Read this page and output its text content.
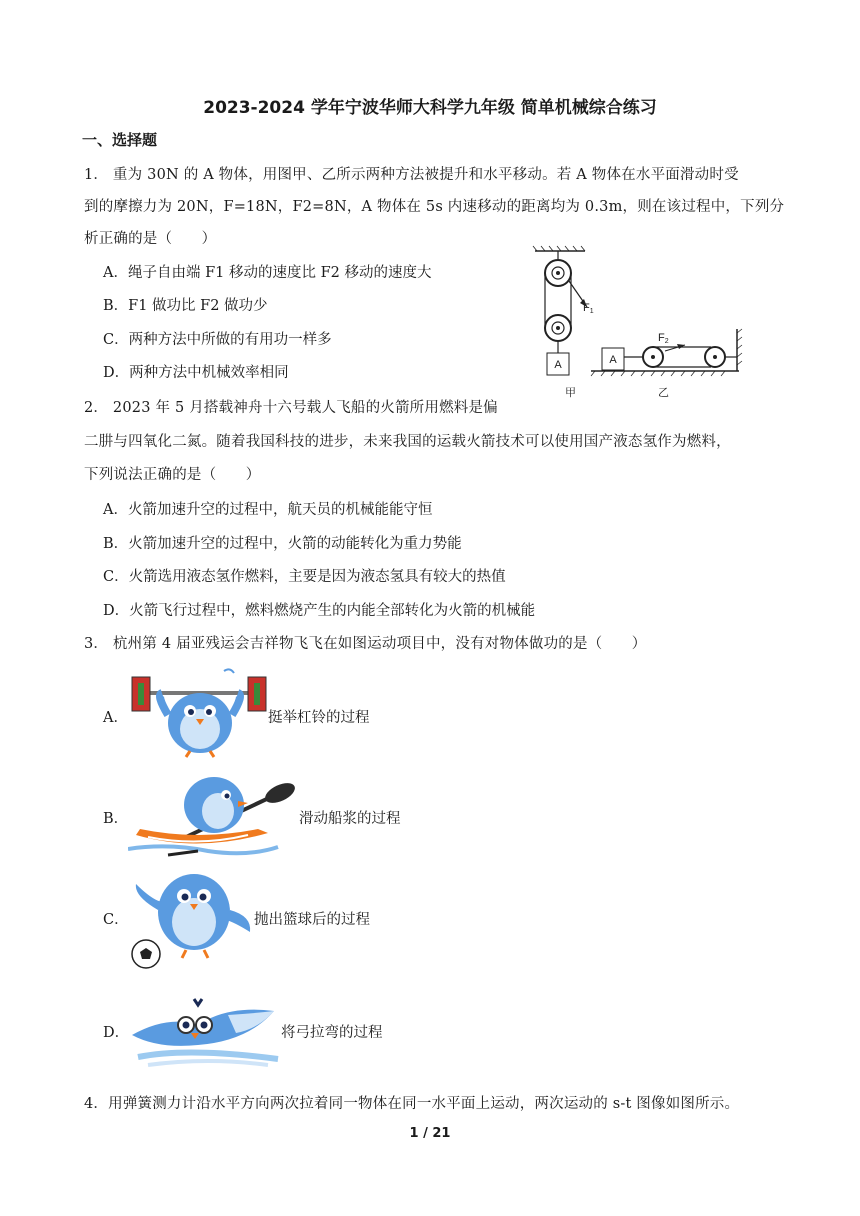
2023-2024 学年宁波华师大科学九年级 简单机械综合练习
一、选择题
1． 重为 30N 的 A 物体，用图甲、乙所示两种方法被提升和水平移动。若 A 物体在水平面滑动时受
到的摩擦力为 20N，F=18N，F2=8N，A 物体在 5s 内速移动的距离均为 0.3m，则在该过程中，下列分
析正确的是（　　）
A．绳子自由端 F1 移动的速度比 F2 移动的速度大
B．F1 做功比 F2 做功少
C．两种方法中所做的有用功一样多
D．两种方法中机械效率相同
F1
A	A
F2
甲	乙
2． 2023 年 5 月搭载神舟十六号载人飞船的火箭所用燃料是偏
二肼与四氧化二氮。随着我国科技的进步，未来我国的运载火箭技术可以使用国产液态氢作为燃料，
下列说法正确的是（　　）
A．火箭加速升空的过程中，航天员的机械能能守恒
B．火箭加速升空的过程中，火箭的动能转化为重力势能
C．火箭选用液态氢作燃料，主要是因为液态氢具有较大的热值
D．火箭飞行过程中，燃料燃烧产生的内能全部转化为火箭的机械能
3． 杭州第 4 届亚残运会吉祥物飞飞在如图运动项目中，没有对物体做功的是（　　）
A．	挺举杠铃的过程
B．	滑动船浆的过程
C．	抛出篮球后的过程
D．	将弓拉弯的过程
4．用弹簧测力计沿水平方向两次拉着同一物体在同一水平面上运动，两次运动的 s-t 图像如图所示。
1 / 21
